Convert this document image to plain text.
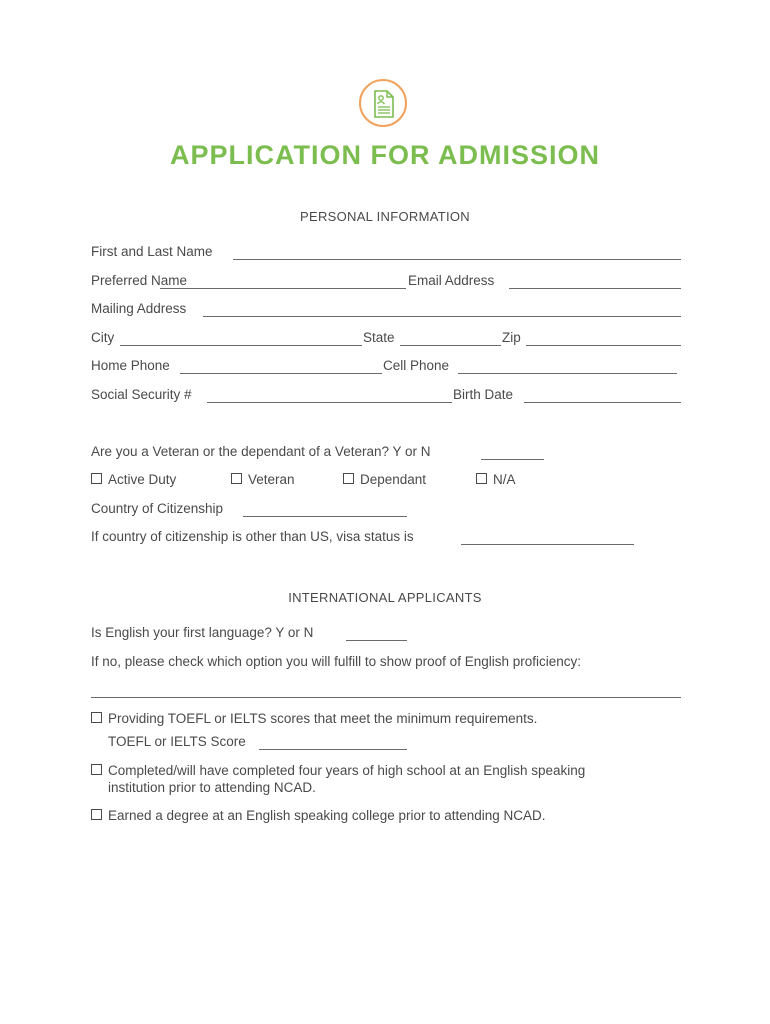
APPLICATION FOR ADMISSION
PERSONAL INFORMATION
First and Last Name
Preferred Name	Email Address
Mailing Address
City	State	Zip
Home Phone	Cell Phone
Social Security #	Birth Date
Are you a Veteran or the dependant of a Veteran? Y or N
Active Duty	Veteran	Dependant	N/A
Country of Citizenship
If country of citizenship is other than US, visa status is
INTERNATIONAL APPLICANTS
Is English your first language? Y or N
If no, please check which option you will fulfill to show proof of English proficiency:
Providing TOEFL or IELTS scores that meet the minimum requirements.
TOEFL or IELTS Score
Completed/will have completed four years of high school at an English speaking
institution prior to attending NCAD.
Earned a degree at an English speaking college prior to attending NCAD.
